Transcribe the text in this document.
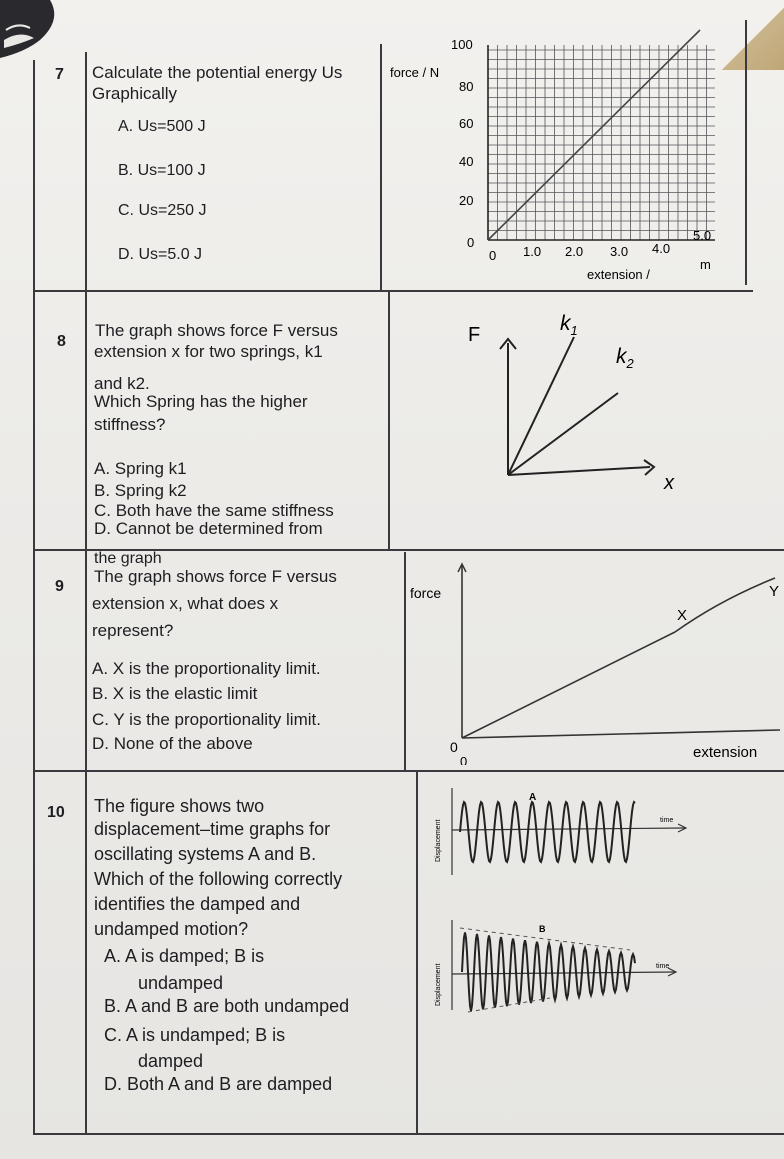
7 Calculate the potential energy Us
Graphically
A. Us=500 J
B. Us=100 J
C. Us=250 J
D. Us=5.0 J
force / N
100
80
60
40
20
0
0 1.0 2.0 3.0 4.0
5.0
extension /
m
8
The graph shows force F versus
extension x for two springs, k1
and k2.
Which Spring has the higher
stiffness?
A. Spring k1
B. Spring k2
C. Both have the same stiffness
D. Cannot be determined from
the graph
F	$k_1$
$k_2$
x
9
The graph shows force F versus
extension x, what does x
represent?
A. X is the proportionality limit.
B. X is the elastic limit
C. Y is the proportionality limit.
D. None of the above
force
X
Y
0
0
extension
10 The figure shows two
displacement–time graphs for
oscillating systems A and B.
Which of the following correctly
identifies the damped and
undamped motion?
A. A is damped; B is
undamped
B. A and B are both undamped
C. A is undamped; B is
damped
D. Both A and B are damped
A
time
Displacement
B
time
Displacement
